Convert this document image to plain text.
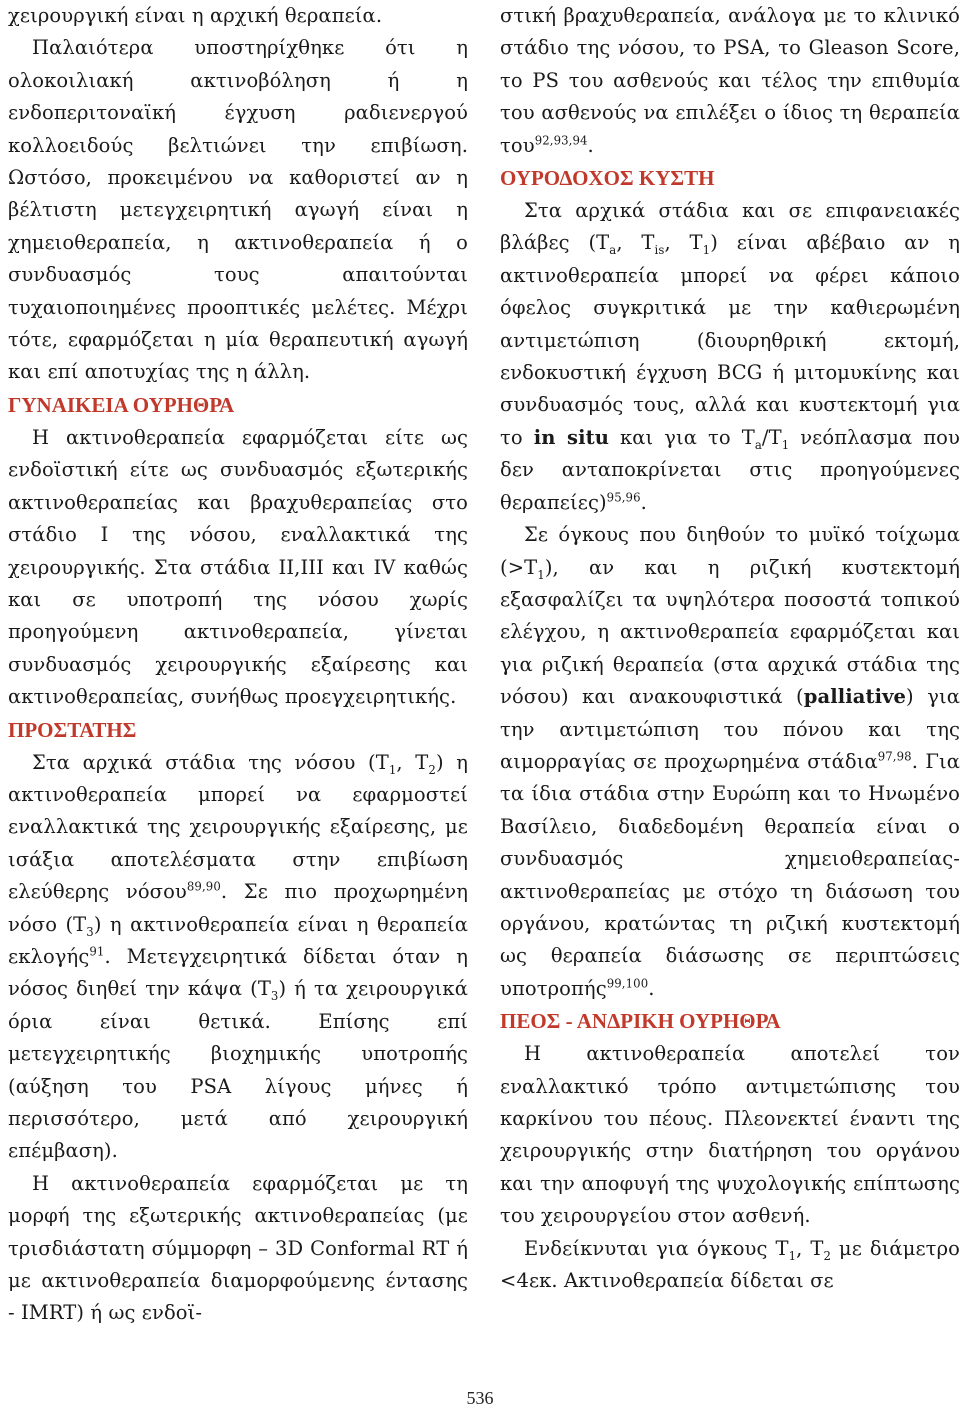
χειρουργική είναι η αρχική θεραπεία.

Παλαιότερα υποστηρίχθηκε ότι η ολοκοιλιακή ακτινοβόληση ή η ενδοπεριτοναϊκή έγχυση ραδιενεργού κολλοειδούς βελτιώνει την επιβίωση. Ωστόσο, προκειμένου να καθοριστεί αν η βέλτιστη μετεγχειρητική αγωγή είναι η χημειοθεραπεία, η ακτινοθεραπεία ή ο συνδυασμός τους απαιτούνται τυχαιοποιημένες προοπτικές μελέτες. Μέχρι τότε, εφαρμόζεται η μία θεραπευτική αγωγή και επί αποτυχίας της η άλλη.

ΓΥΝΑΙΚΕΙΑ ΟΥΡΗΘΡΑ

Η ακτινοθεραπεία εφαρμόζεται είτε ως ενδοϊστική είτε ως συνδυασμός εξωτερικής ακτινοθεραπείας και βραχυθεραπείας στο στάδιο I της νόσου, εναλλακτικά της χειρουργικής. Στα στάδια II,III και IV καθώς και σε υποτροπή της νόσου χωρίς προηγούμενη ακτινοθεραπεία, γίνεται συνδυασμός χειρουργικής εξαίρεσης και ακτινοθεραπείας, συνήθως προεγχειρητικής.

ΠΡΟΣΤΑΤΗΣ

Στα αρχικά στάδια της νόσου ($T_1$, $T_2$) η ακτινοθεραπεία μπορεί να εφαρμοστεί εναλλακτικά της χειρουργικής εξαίρεσης, με ισάξια αποτελέσματα στην επιβίωση ελεύθερης νόσου$^{89,90}$. Σε πιο προχωρημένη νόσο $(T_3)$ η ακτινοθεραπεία είναι η θεραπεία εκλογής$^{91}$. Μετεγχειρητικά δίδεται όταν η νόσος διηθεί την κάψα $(T_3)$ ή τα χειρουργικά όρια είναι θετικά. Επίσης επί μετεγχειρητικής βιοχημικής υποτροπής (αύξηση του PSA λίγους μήνες ή περισσότερο, μετά από χειρουργική επέμβαση).

Η ακτινοθεραπεία εφαρμόζεται με τη μορφή της εξωτερικής ακτινοθεραπείας (με τρισδιάστατη σύμμορφη – 3D Conformal RT ή με ακτινοθεραπεία διαμορφούμενης έντασης - IMRT) ή ως ενδοϊ-

στική βραχυθεραπεία, ανάλογα με το κλινικό στάδιο της νόσου, το PSA, το Gleason Score, το PS του ασθενούς και τέλος την επιθυμία του ασθενούς να επιλέξει ο ίδιος τη θεραπεία του$^{92,93,94}$.

ΟΥΡΟΔΟΧΟΣ ΚΥΣΤΗ

Στα αρχικά στάδια και σε επιφανειακές βλάβες ($T_a$, $T_{is}$, $T_1$) είναι αβέβαιο αν η ακτινοθεραπεία μπορεί να φέρει κάποιο όφελος συγκριτικά με την καθιερωμένη αντιμετώπιση (διουρηθρική εκτομή, ενδοκυστική έγχυση BCG ή μιτομυκίνης και συνδυασμός τους, αλλά και κυστεκτομή για το in situ και για το $T_a/T_1$ νεόπλασμα που δεν ανταποκρίνεται στις προηγούμενες θεραπείες)$^{95,96}$.

Σε όγκους που διηθούν το μυϊκό τοίχωμα $(>T_1)$, αν και η ριζική κυστεκτομή εξασφαλίζει τα υψηλότερα ποσοστά τοπικού ελέγχου, η ακτινοθεραπεία εφαρμόζεται και για ριζική θεραπεία (στα αρχικά στάδια της νόσου) και ανακουφιστικά (palliative) για την αντιμετώπιση του πόνου και της αιμορραγίας σε προχωρημένα στάδια$^{97,98}$. Για τα ίδια στάδια στην Ευρώπη και το Ηνωμένο Βασίλειο, διαδεδομένη θεραπεία είναι ο συνδυασμός χημειοθεραπείας-ακτινοθεραπείας με στόχο τη διάσωση του οργάνου, κρατώντας τη ριζική κυστεκτομή ως θεραπεία διάσωσης σε περιπτώσεις υποτροπής$^{99,100}$.

ΠΕΟΣ - ΑΝΔΡΙΚΗ ΟΥΡΗΘΡΑ

Η ακτινοθεραπεία αποτελεί τον εναλλακτικό τρόπο αντιμετώπισης του καρκίνου του πέους. Πλεονεκτεί έναντι της χειρουργικής στην διατήρηση του οργάνου και την αποφυγή της ψυχολογικής επίπτωσης του χειρουργείου στον ασθενή.

Ενδείκνυται για όγκους $T_1$, $T_2$ με διάμετρο <4εκ. Ακτινοθεραπεία δίδεται σε

536
